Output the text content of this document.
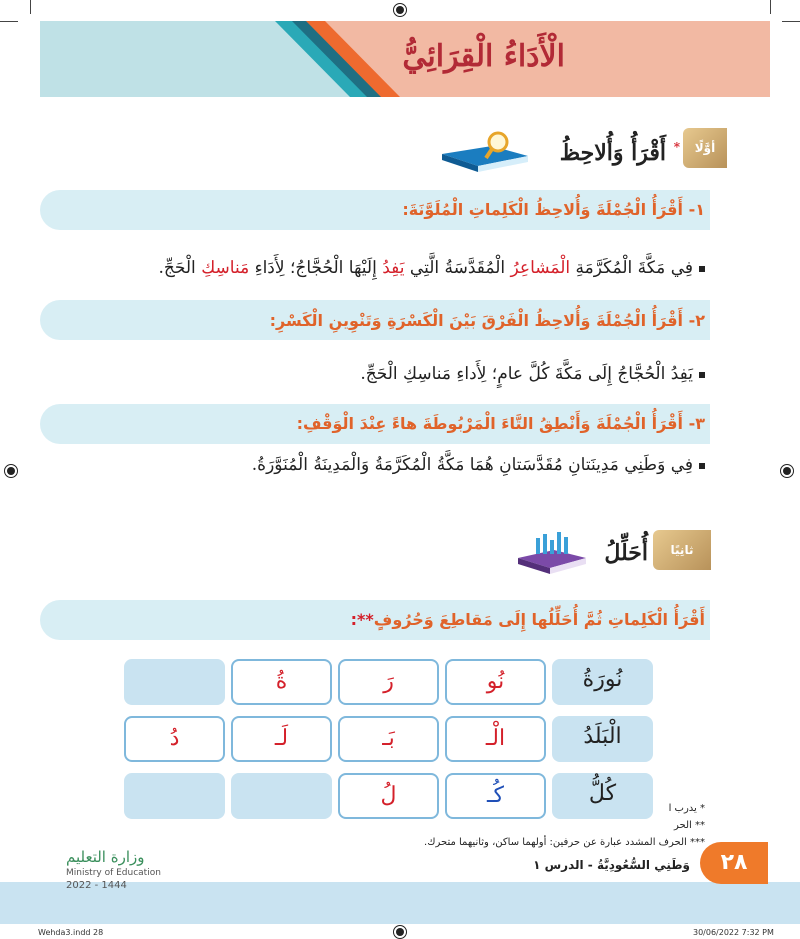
الْأَدَاءُ الْقِرَائِيُّ
أوَّلًا
* أَقْرَأُ وَأُلاحِظُ
١- أَقْرَأُ الْجُمْلَةَ وَأُلاحِظُ الْكَلِماتِ الْمُلَوَّنَةَ:
فِي مَكَّةَ الْمُكَرَّمَةِ الْمَشاعِرُ الْمُقَدَّسَةُ الَّتِي يَفِدُ إِلَيْهَا الْحُجَّاجُ؛ لِأَدَاءِ مَناسِكِ الْحَجِّ.
٢- أَقْرَأُ الْجُمْلَةَ وَأُلاحِظُ الْفَرْقَ بَيْنَ الْكَسْرَةِ وَتَنْوِينِ الْكَسْرِ:
يَفِدُ الْحُجَّاجُ إِلَى مَكَّةَ كُلَّ عامٍ؛ لِأَداءِ مَناسِكِ الْحَجِّ.
٣- أَقْرَأُ الْجُمْلَةَ وَأَنْطِقُ التَّاءَ الْمَرْبُوطَةَ هاءً عِنْدَ الْوَقْفِ:
فِي وَطَنِي مَدِينَتانِ مُقَدَّسَتانِ هُمَا مَكَّةُ الْمُكَرَّمَةُ وَالْمَدِينَةُ الْمُنَوَّرَةُ.
ثانِيًا
أُحَلِّلُ
أَقْرَأُ الْكَلِماتِ ثُمَّ أُحَلِّلُها إِلَى مَقاطِعَ وَحُرُوفٍ**:
نُورَةُ
نُو
رَ
ةُ
الْبَلَدُ
الْـ
بَـ
لَـ
دُ
كُلُّ
كُـ
لُ
* يدرب ا
** الحر
*** الحرف المشدد عبارة عن حرفين: أولهما ساكن، وثانيهما متحرك.
٢٨
وَطَنِي السُّعُودِيَّةُ - الدرس ١
وزارة التعليم
Ministry of Education
2022 - 1444
Wehda3.indd 28	30/06/2022 7:32 PM
